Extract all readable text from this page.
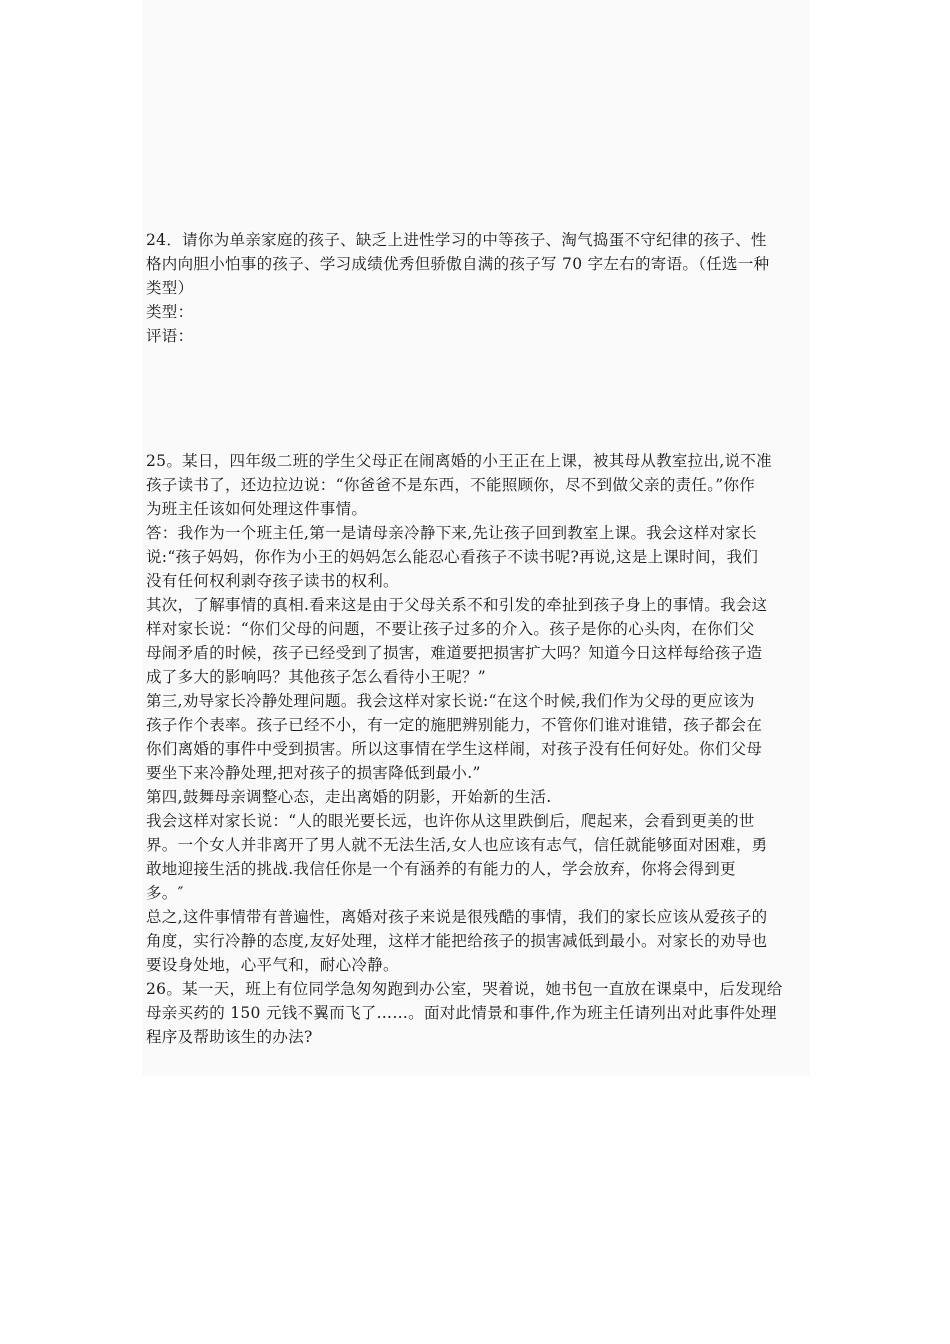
24．请你为单亲家庭的孩子、缺乏上进性学习的中等孩子、淘气捣蛋不守纪律的孩子、性
格内向胆小怕事的孩子、学习成绩优秀但骄傲自满的孩子写 70 字左右的寄语。（任选一种
类型）
类型：
评语：
25。某日，四年级二班的学生父母正在闹离婚的小王正在上课，被其母从教室拉出,说不准
孩子读书了，还边拉边说：“你爸爸不是东西，不能照顾你，尽不到做父亲的责任。”你作
为班主任该如何处理这件事情。
答：我作为一个班主任,第一是请母亲冷静下来,先让孩子回到教室上课。我会这样对家长
说:“孩子妈妈，你作为小王的妈妈怎么能忍心看孩子不读书呢?再说,这是上课时间，我们
没有任何权利剥夺孩子读书的权利。
其次，了解事情的真相.看来这是由于父母关系不和引发的牵扯到孩子身上的事情。我会这
样对家长说：“你们父母的问题，不要让孩子过多的介入。孩子是你的心头肉，在你们父
母闹矛盾的时候，孩子已经受到了损害，难道要把损害扩大吗？知道今日这样每给孩子造
成了多大的影响吗？其他孩子怎么看待小王呢？”
第三,劝导家长冷静处理问题。我会这样对家长说:“在这个时候,我们作为父母的更应该为
孩子作个表率。孩子已经不小，有一定的施肥辨别能力，不管你们谁对谁错，孩子都会在
你们离婚的事件中受到损害。所以这事情在学生这样闹，对孩子没有任何好处。你们父母
要坐下来冷静处理,把对孩子的损害降低到最小.”
第四,鼓舞母亲调整心态，走出离婚的阴影，开始新的生活.
我会这样对家长说：“人的眼光要长远，也许你从这里跌倒后，爬起来，会看到更美的世
界。一个女人并非离开了男人就不无法生活,女人也应该有志气，信任就能够面对困难，勇
敢地迎接生活的挑战.我信任你是一个有涵养的有能力的人，学会放弃，你将会得到更
多。″
总之,这件事情带有普遍性，离婚对孩子来说是很残酷的事情，我们的家长应该从爱孩子的
角度，实行冷静的态度,友好处理，这样才能把给孩子的损害减低到最小。对家长的劝导也
要设身处地，心平气和，耐心冷静。
26。某一天，班上有位同学急匆匆跑到办公室，哭着说，她书包一直放在课桌中，后发现给
母亲买药的 150 元钱不翼而飞了……。面对此情景和事件,作为班主任请列出对此事件处理
程序及帮助该生的办法?
